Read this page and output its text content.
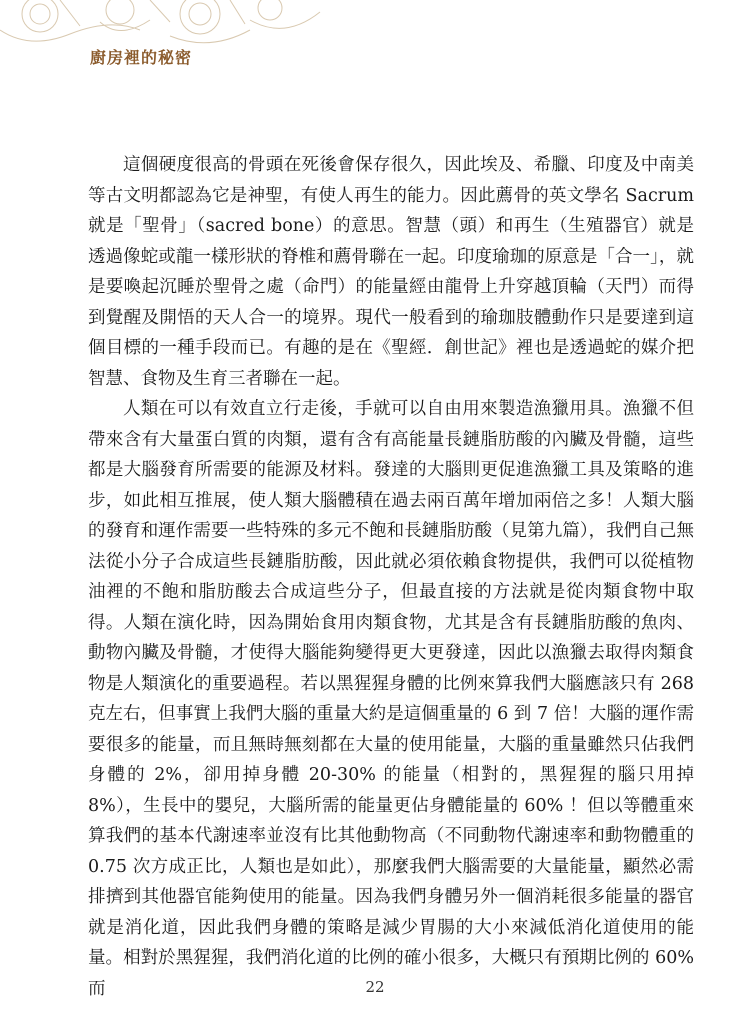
廚房裡的秘密

這個硬度很高的骨頭在死後會保存很久，因此埃及、希臘、印度及中南美等古文明都認為它是神聖，有使人再生的能力。因此薦骨的英文學名 Sacrum 就是「聖骨」（sacred bone）的意思。智慧（頭）和再生（生殖器官）就是透過像蛇或龍一樣形狀的脊椎和薦骨聯在一起。印度瑜珈的原意是「合一」，就是要喚起沉睡於聖骨之處（命門）的能量經由龍骨上升穿越頂輪（天門）而得到覺醒及開悟的天人合一的境界。現代一般看到的瑜珈肢體動作只是要達到這個目標的一種手段而已。有趣的是在《聖經．創世記》裡也是透過蛇的媒介把智慧、食物及生育三者聯在一起。

人類在可以有效直立行走後，手就可以自由用來製造漁獵用具。漁獵不但帶來含有大量蛋白質的肉類，還有含有高能量長鏈脂肪酸的內臟及骨髓，這些都是大腦發育所需要的能源及材料。發達的大腦則更促進漁獵工具及策略的進步，如此相互推展，使人類大腦體積在過去兩百萬年增加兩倍之多！人類大腦的發育和運作需要一些特殊的多元不飽和長鏈脂肪酸（見第九篇），我們自己無法從小分子合成這些長鏈脂肪酸，因此就必須依賴食物提供，我們可以從植物油裡的不飽和脂肪酸去合成這些分子，但最直接的方法就是從肉類食物中取得。人類在演化時，因為開始食用肉類食物，尤其是含有長鏈脂肪酸的魚肉、動物內臟及骨髓，才使得大腦能夠變得更大更發達，因此以漁獵去取得肉類食物是人類演化的重要過程。若以黑猩猩身體的比例來算我們大腦應該只有 268 克左右，但事實上我們大腦的重量大約是這個重量的 6 到 7 倍！大腦的運作需要很多的能量，而且無時無刻都在大量的使用能量，大腦的重量雖然只佔我們身體的 2%，卻用掉身體 20-30% 的能量（相對的，黑猩猩的腦只用掉 8%），生長中的嬰兒，大腦所需的能量更佔身體能量的 60% ！但以等體重來算我們的基本代謝速率並沒有比其他動物高（不同動物代謝速率和動物體重的 0.75 次方成正比，人類也是如此），那麼我們大腦需要的大量能量，顯然必需排擠到其他器官能夠使用的能量。因為我們身體另外一個消耗很多能量的器官就是消化道，因此我們身體的策略是減少胃腸的大小來減低消化道使用的能量。相對於黑猩猩，我們消化道的比例的確小很多，大概只有預期比例的 60% 而	22
